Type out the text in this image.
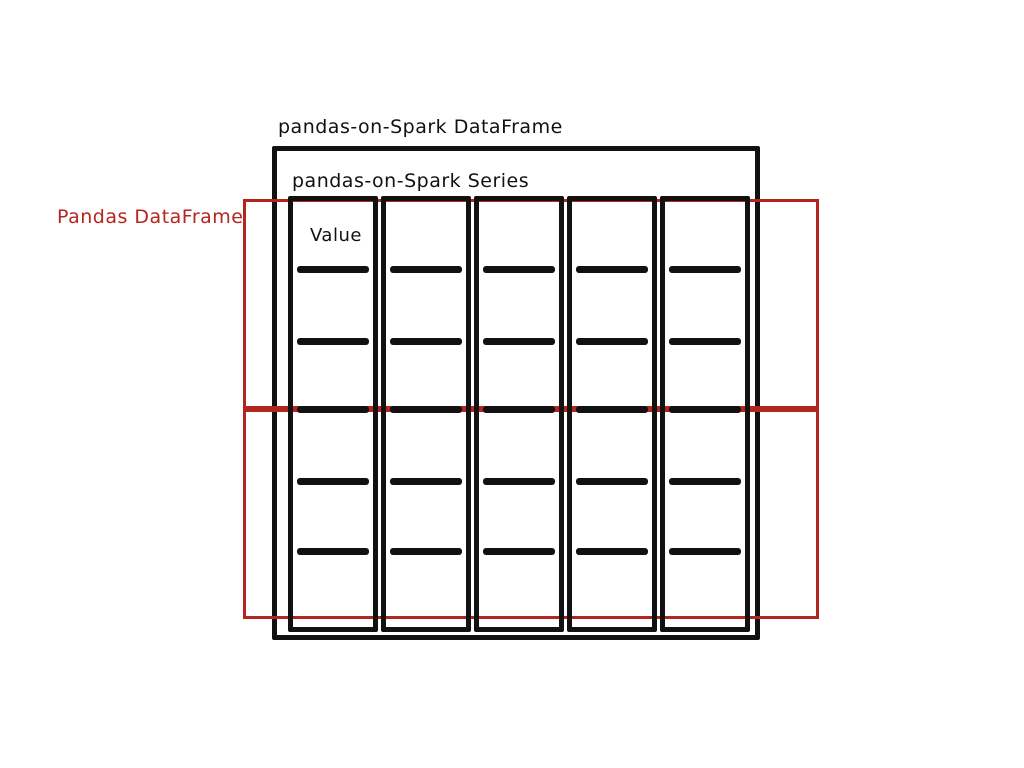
Value
pandas-on-Spark DataFrame
pandas-on-Spark Series
Pandas DataFrame
